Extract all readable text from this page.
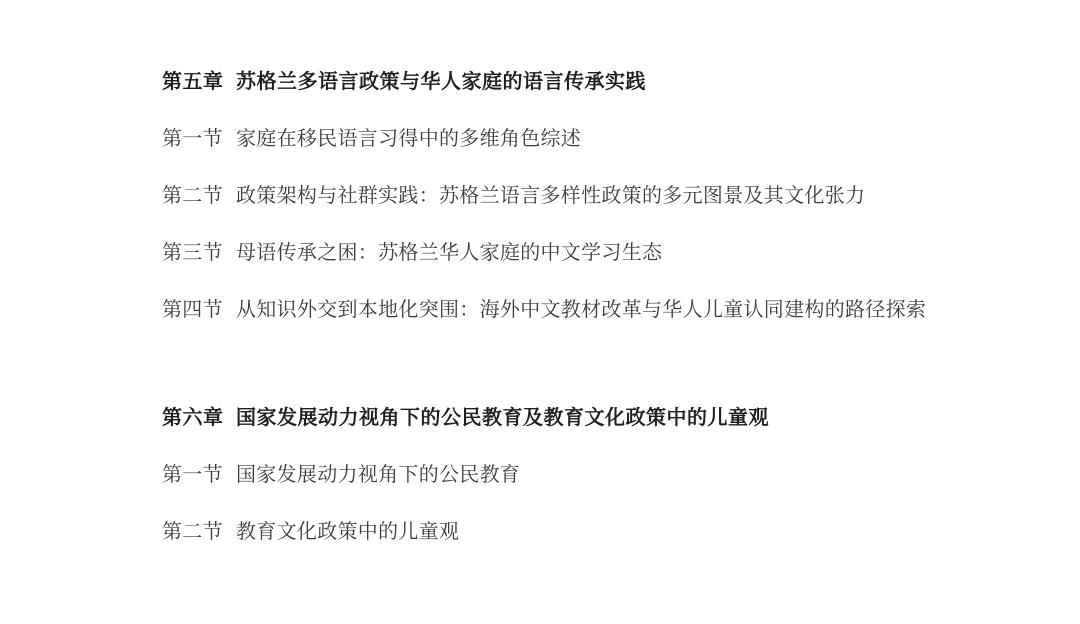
第五章 苏格兰多语言政策与华人家庭的语言传承实践
第一节 家庭在移民语言习得中的多维角色综述
第二节 政策架构与社群实践：苏格兰语言多样性政策的多元图景及其文化张力
第三节 母语传承之困：苏格兰华人家庭的中文学习生态
第四节 从知识外交到本地化突围：海外中文教材改革与华人儿童认同建构的路径探索
第六章 国家发展动力视角下的公民教育及教育文化政策中的儿童观
第一节 国家发展动力视角下的公民教育
第二节 教育文化政策中的儿童观
